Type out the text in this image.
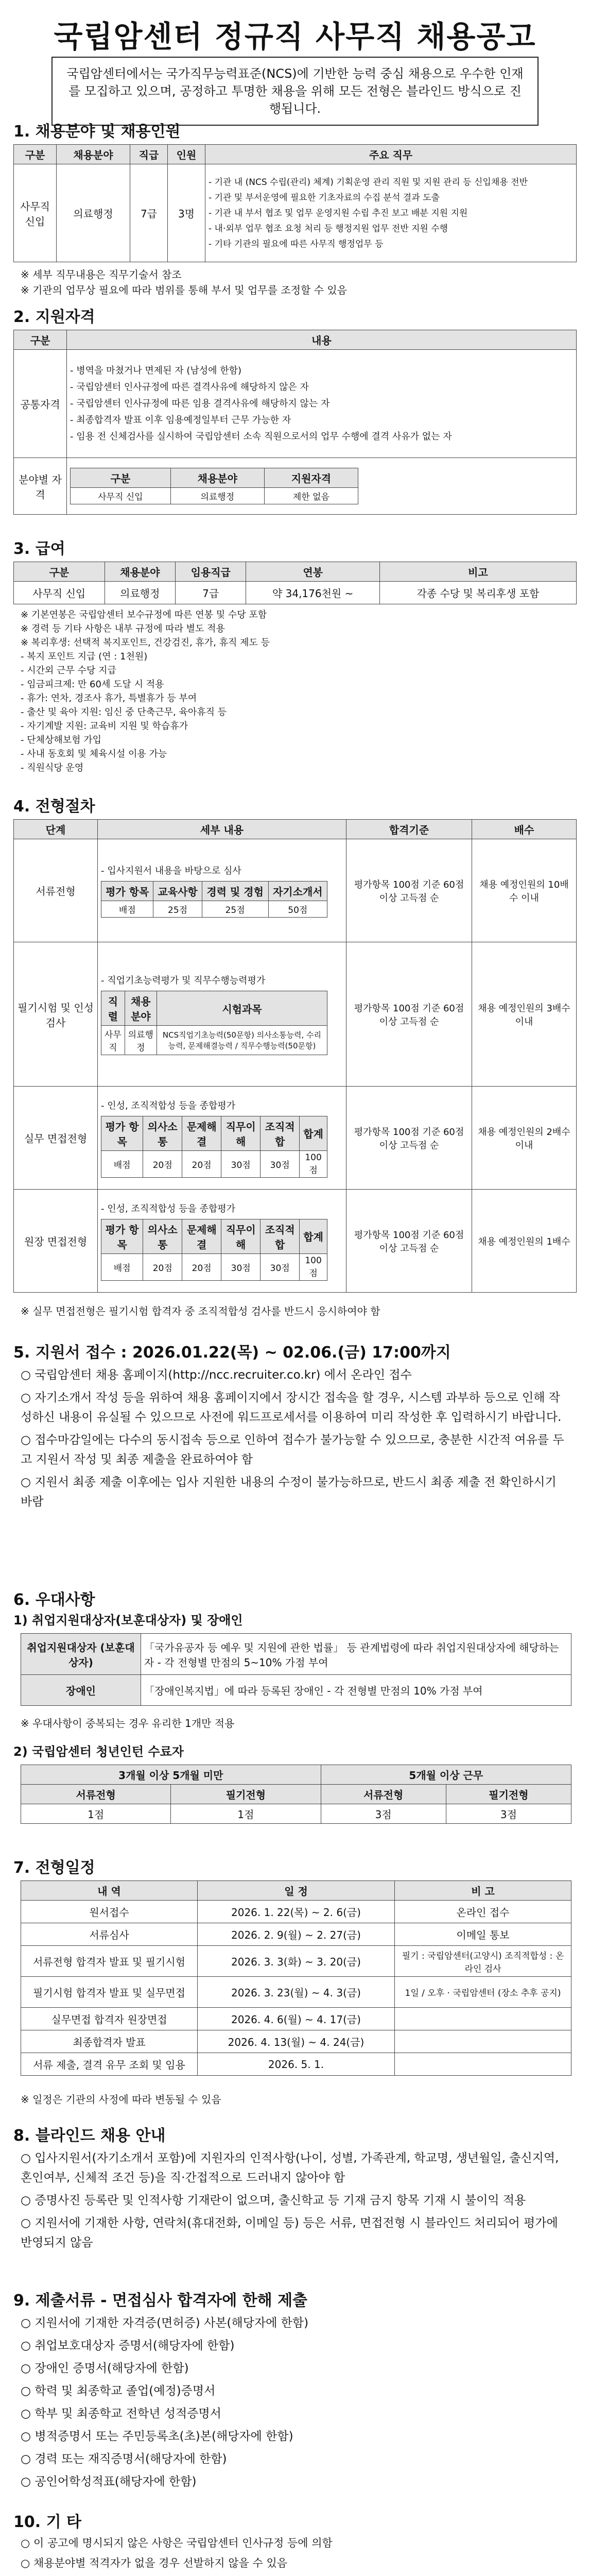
국립암센터 정규직 사무직 채용공고
국립암센터에서는 국가직무능력표준(NCS)에 기반한 능력 중심 채용으로 우수한 인재를 모집하고 있으며, 공정하고 투명한 채용을 위해 모든 전형은 블라인드 방식으로 진행됩니다.
1. 채용분야 및 채용인원
구분	채용분야	직급	인원	주요 직무
사무직 신입	의료행정	7급	3명	- 기관 내 (NCS 수립(관리) 체계) 기획운영 관리 직원 및 지원 관리 등 신입채용 전반
- 기관 및 부서운영에 필요한 기초자료의 수집 분석 결과 도출
- 기관 내 부서 협조 및 업무 운영지원 수립 추진 보고 배분 지원 지원
- 내·외부 업무 협조 요청 처리 등 행정지원 업무 전반 지원 수행
- 기타 기관의 필요에 따른 사무직 행정업무 등
※ 세부 직무내용은 직무기술서 참조
※ 기관의 업무상 필요에 따라 범위를 통해 부서 및 업무를 조정할 수 있음
2. 지원자격
구분	내용
공통자격	
- 병역을 마쳤거나 면제된 자 (남성에 한함)
- 국립암센터 인사규정에 따른 결격사유에 해당하지 않은 자
- 국립암센터 인사규정에 따른 임용 결격사유에 해당하지 않는 자
- 최종합격자 발표 이후 임용예정일부터 근무 가능한 자
- 임용 전 신체검사를 실시하여 국립암센터 소속 직원으로서의 업무 수행에 결격 사유가 없는 자

분야별 자격	
구분	채용분야	지원자격
사무직 신입	의료행정	제한 없음
3. 급여
구분	채용분야	임용직급	연봉	비고
사무직 신입	의료행정	7급	약 34,176천원 ~	각종 수당 및 복리후생 포함
※ 기본연봉은 국립암센터 보수규정에 따른 연봉 및 수당 포함
※ 경력 등 기타 사항은 내부 규정에 따라 별도 적용
※ 복리후생: 선택적 복지포인트, 건강검진, 휴가, 휴직 제도 등
- 복지 포인트 지급 (연 : 1천원)
- 시간외 근무 수당 지급
- 임금피크제: 만 60세 도달 시 적용
- 휴가: 연차, 경조사 휴가, 특별휴가 등 부여
- 출산 및 육아 지원: 임신 중 단축근무, 육아휴직 등
- 자기계발 지원: 교육비 지원 및 학습휴가
- 단체상해보험 가입
- 사내 동호회 및 체육시설 이용 가능
- 직원식당 운영
4. 전형절차
단계	세부 내용	합격기준	배수
서류전형	
- 입사지원서 내용을 바탕으로 심사
평가 항목	교육사항	경력 및 경험	자기소개서
배점	25점	25점	50점
	평가항목 100점 기준 60점 이상 고득점 순	채용 예정인원의 10배수 이내
필기시험 및 인성검사	
- 직업기초능력평가 및 직무수행능력평가
직렬	채용분야	시험과목
사무직	의료행정	NCS직업기초능력(50문항) 의사소통능력, 수리능력, 문제해결능력 / 직무수행능력(50문항)
	평가항목 100점 기준 60점 이상 고득점 순	채용 예정인원의 3배수 이내
실무 면접전형	
- 인성, 조직적합성 등을 종합평가
평가 항목	의사소통	문제해결	직무이해	조직적합	합계
배점	20점	20점	30점	30점	100점
	평가항목 100점 기준 60점 이상 고득점 순	채용 예정인원의 2배수 이내
원장 면접전형	
- 인성, 조직적합성 등을 종합평가
평가 항목	의사소통	문제해결	직무이해	조직적합	합계
배점	20점	20점	30점	30점	100점
	평가항목 100점 기준 60점 이상 고득점 순	채용 예정인원의 1배수
※ 실무 면접전형은 필기시험 합격자 중 조직적합성 검사를 반드시 응시하여야 함
5. 지원서 접수 : 2026.01.22(목) ~ 02.06.(금) 17:00까지

○ 국립암센터 채용 홈페이지(http://ncc.recruiter.co.kr) 에서 온라인 접수

○ 자기소개서 작성 등을 위하여 채용 홈페이지에서 장시간 접속을 할 경우, 시스템 과부하 등으로 인해 작성하신 내용이 유실될 수 있으므로 사전에 워드프로세서를 이용하여 미리 작성한 후 입력하시기 바랍니다.

○ 접수마감일에는 다수의 동시접속 등으로 인하여 접수가 불가능할 수 있으므로, 충분한 시간적 여유를 두고 지원서 작성 및 최종 제출을 완료하여야 함

○ 지원서 최종 제출 이후에는 입사 지원한 내용의 수정이 불가능하므로, 반드시 최종 제출 전 확인하시기 바람

6. 우대사항
1) 취업지원대상자(보훈대상자) 및 장애인
취업지원대상자 (보훈대상자)	「국가유공자 등 예우 및 지원에 관한 법률」 등 관계법령에 따라 취업지원대상자에 해당하는 자 - 각 전형별 만점의 5~10% 가점 부여
장애인	「장애인복지법」에 따라 등록된 장애인 - 각 전형별 만점의 10% 가점 부여
※ 우대사항이 중복되는 경우 유리한 1개만 적용
2) 국립암센터 청년인턴 수료자
3개월 이상 5개월 미만		5개월 이상 근무	
서류전형	필기전형	서류전형	필기전형
1점	1점	3점	3점
7. 전형일정
내 역	일 정	비 고
원서접수	2026. 1. 22(목) ~ 2. 6(금)	온라인 접수
서류심사	2026. 2. 9(월) ~ 2. 27(금)	이메일 통보
서류전형 합격자 발표 및 필기시험	2026. 3. 3(화) ~ 3. 20(금)	필기 : 국립암센터(고양시) 조직적합성 : 온라인 검사
필기시험 합격자 발표 및 실무면접	2026. 3. 23(월) ~ 4. 3(금)	1일 / 오후 · 국립암센터 (장소 추후 공지)
실무면접 합격자 원장면접	2026. 4. 6(월) ~ 4. 17(금)	
최종합격자 발표	2026. 4. 13(월) ~ 4. 24(금)	
서류 제출, 결격 유무 조회 및 임용	2026. 5. 1.	
※ 일정은 기관의 사정에 따라 변동될 수 있음
8. 블라인드 채용 안내

○ 입사지원서(자기소개서 포함)에 지원자의 인적사항(나이, 성별, 가족관계, 학교명, 생년월일, 출신지역, 혼인여부, 신체적 조건 등)을 직·간접적으로 드러내지 않아야 함

○ 증명사진 등록란 및 인적사항 기재란이 없으며, 출신학교 등 기재 금지 항목 기재 시 불이익 적용

○ 지원서에 기재한 사항, 연락처(휴대전화, 이메일 등) 등은 서류, 면접전형 시 블라인드 처리되어 평가에 반영되지 않음

9. 제출서류 - 면접심사 합격자에 한해 제출

○ 지원서에 기재한 자격증(면허증) 사본(해당자에 한함)

○ 취업보호대상자 증명서(해당자에 한함)

○ 장애인 증명서(해당자에 한함)

○ 학력 및 최종학교 졸업(예정)증명서

○ 학부 및 최종학교 전학년 성적증명서

○ 병적증명서 또는 주민등록초(초)본(해당자에 한함)

○ 경력 또는 재직증명서(해당자에 한함)

○ 공인어학성적표(해당자에 한함)

10. 기 타

○ 이 공고에 명시되지 않은 사항은 국립암센터 인사규정 등에 의함

○ 채용분야별 적격자가 없을 경우 선발하지 않을 수 있음
